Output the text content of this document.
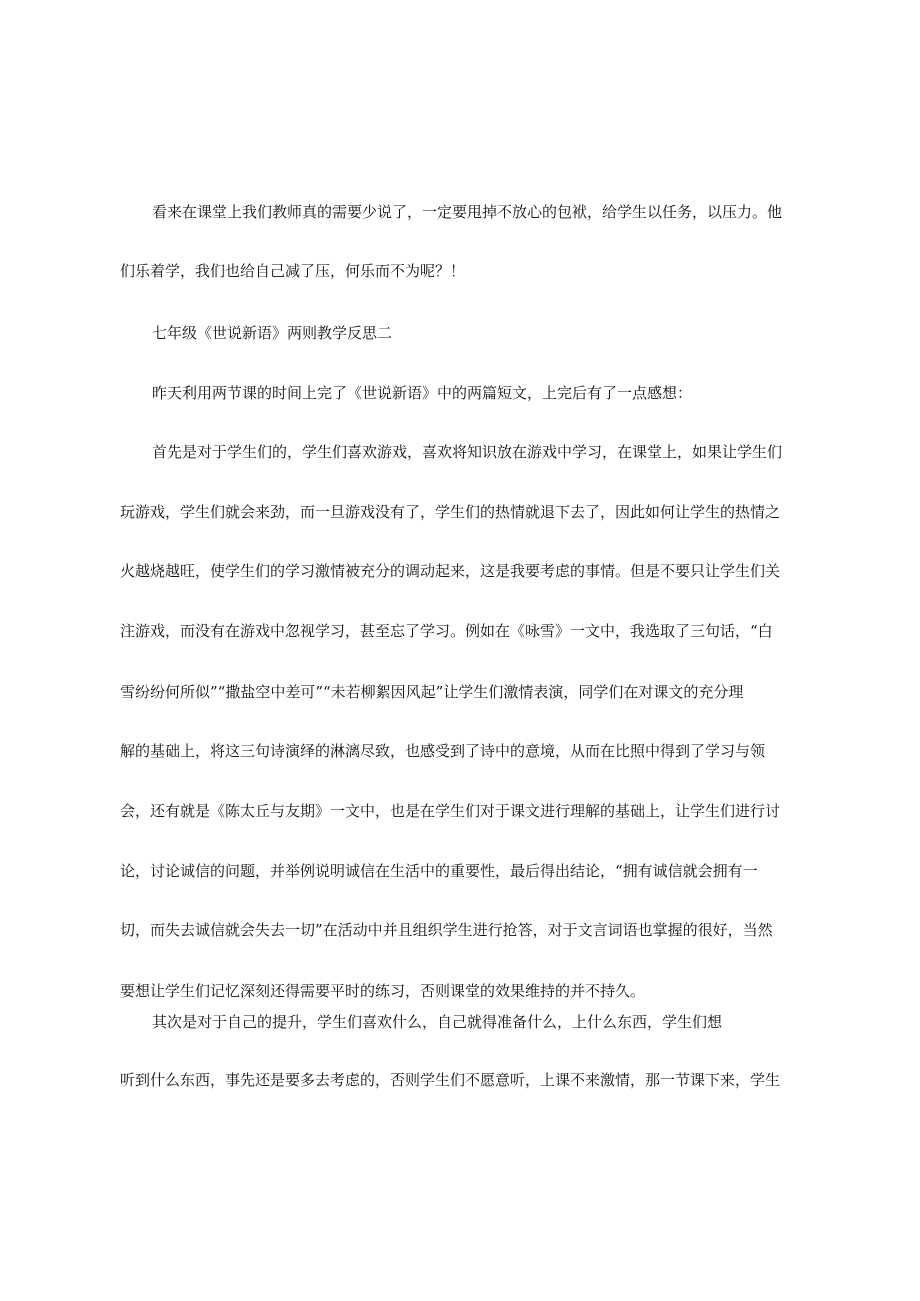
看来在课堂上我们教师真的需要少说了，一定要甩掉不放心的包袱，给学生以任务，以压力。他
们乐着学，我们也给自己减了压，何乐而不为呢？！
七年级《世说新语》两则教学反思二
昨天利用两节课的时间上完了《世说新语》中的两篇短文，上完后有了一点感想：
首先是对于学生们的，学生们喜欢游戏，喜欢将知识放在游戏中学习，在课堂上，如果让学生们
玩游戏，学生们就会来劲，而一旦游戏没有了，学生们的热情就退下去了，因此如何让学生的热情之
火越烧越旺，使学生们的学习激情被充分的调动起来，这是我要考虑的事情。但是不要只让学生们关
注游戏，而没有在游戏中忽视学习，甚至忘了学习。例如在《咏雪》一文中，我选取了三句话，“白
雪纷纷何所似”“撒盐空中差可”“未若柳絮因风起”让学生们激情表演，同学们在对课文的充分理
解的基础上，将这三句诗演绎的淋漓尽致，也感受到了诗中的意境，从而在比照中得到了学习与领
会，还有就是《陈太丘与友期》一文中，也是在学生们对于课文进行理解的基础上，让学生们进行讨
论，讨论诚信的问题，并举例说明诚信在生活中的重要性，最后得出结论，“拥有诚信就会拥有一
切，而失去诚信就会失去一切”在活动中并且组织学生进行抢答，对于文言词语也掌握的很好，当然
要想让学生们记忆深刻还得需要平时的练习，否则课堂的效果维持的并不持久。
其次是对于自己的提升，学生们喜欢什么，自己就得准备什么，上什么东西，学生们想
听到什么东西，事先还是要多去考虑的，否则学生们不愿意听，上课不来激情，那一节课下来，学生
